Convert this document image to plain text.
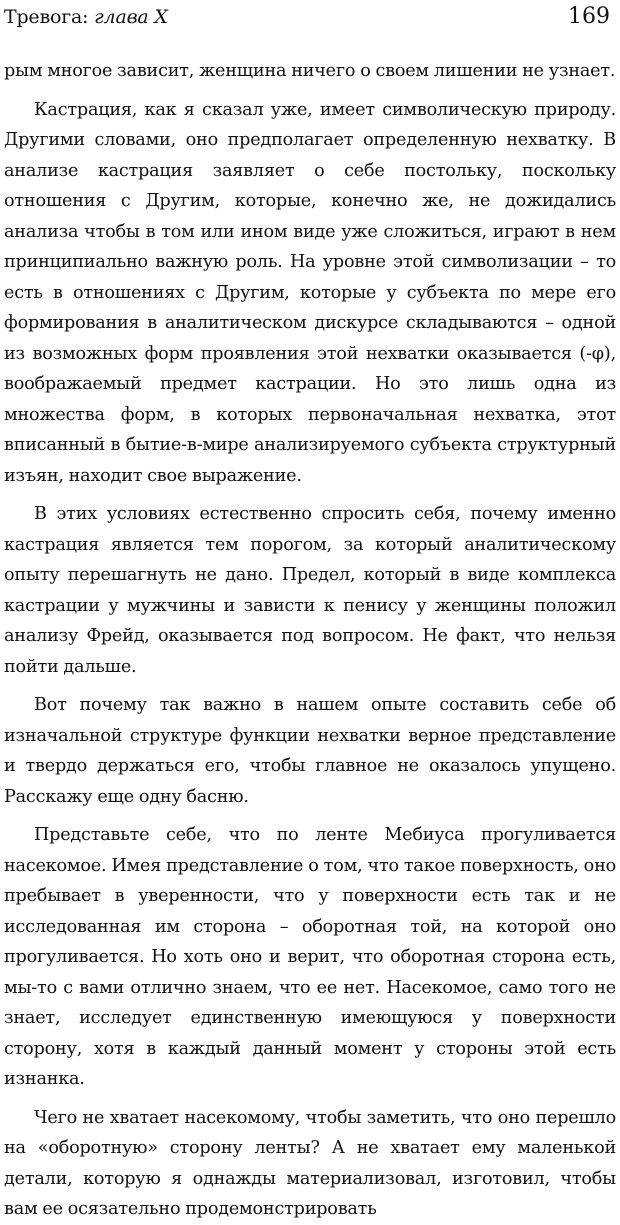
Тревога: глава X	169

рым многое зависит, женщина ничего о своем лишении не узнает.

Кастрация, как я сказал уже, имеет символическую природу. Другими словами, оно предполагает определенную нехватку. В анализе кастрация заявляет о себе постольку, поскольку отношения с Другим, которые, конечно же, не дожидались анализа чтобы в том или ином виде уже сложиться, играют в нем принципиально важную роль. На уровне этой символизации – то есть в отношениях с Другим, которые у субъекта по мере его формирования в аналитическом дискурсе складываются – одной из возможных форм проявления этой нехватки оказывается (-φ), воображаемый предмет кастрации. Но это лишь одна из множества форм, в которых первоначальная нехватка, этот вписанный в бытие-в-мире анализируемого субъекта структурный изъян, находит свое выражение.

В этих условиях естественно спросить себя, почему именно кастрация является тем порогом, за который аналитическому опыту перешагнуть не дано. Предел, который в виде комплекса кастрации у мужчины и зависти к пенису у женщины положил анализу Фрейд, оказывается под вопросом. Не факт, что нельзя пойти дальше.

Вот почему так важно в нашем опыте составить себе об изначальной структуре функции нехватки верное представление и твердо держаться его, чтобы главное не оказалось упущено. Расскажу еще одну басню.

Представьте себе, что по ленте Мебиуса прогуливается насекомое. Имея представление о том, что такое поверхность, оно пребывает в уверенности, что у поверхности есть так и не исследованная им сторона – оборотная той, на которой оно прогуливается. Но хоть оно и верит, что оборотная сторона есть, мы-то с вами отлично знаем, что ее нет. Насекомое, само того не знает, исследует единственную имеющуюся у поверхности сторону, хотя в каждый данный момент у стороны этой есть изнанка.

Чего не хватает насекомому, чтобы заметить, что оно перешло на «оборотную» сторону ленты? А не хватает ему маленькой детали, которую я однажды материализовал, изготовил, чтобы вам ее осязательно продемонстрировать
